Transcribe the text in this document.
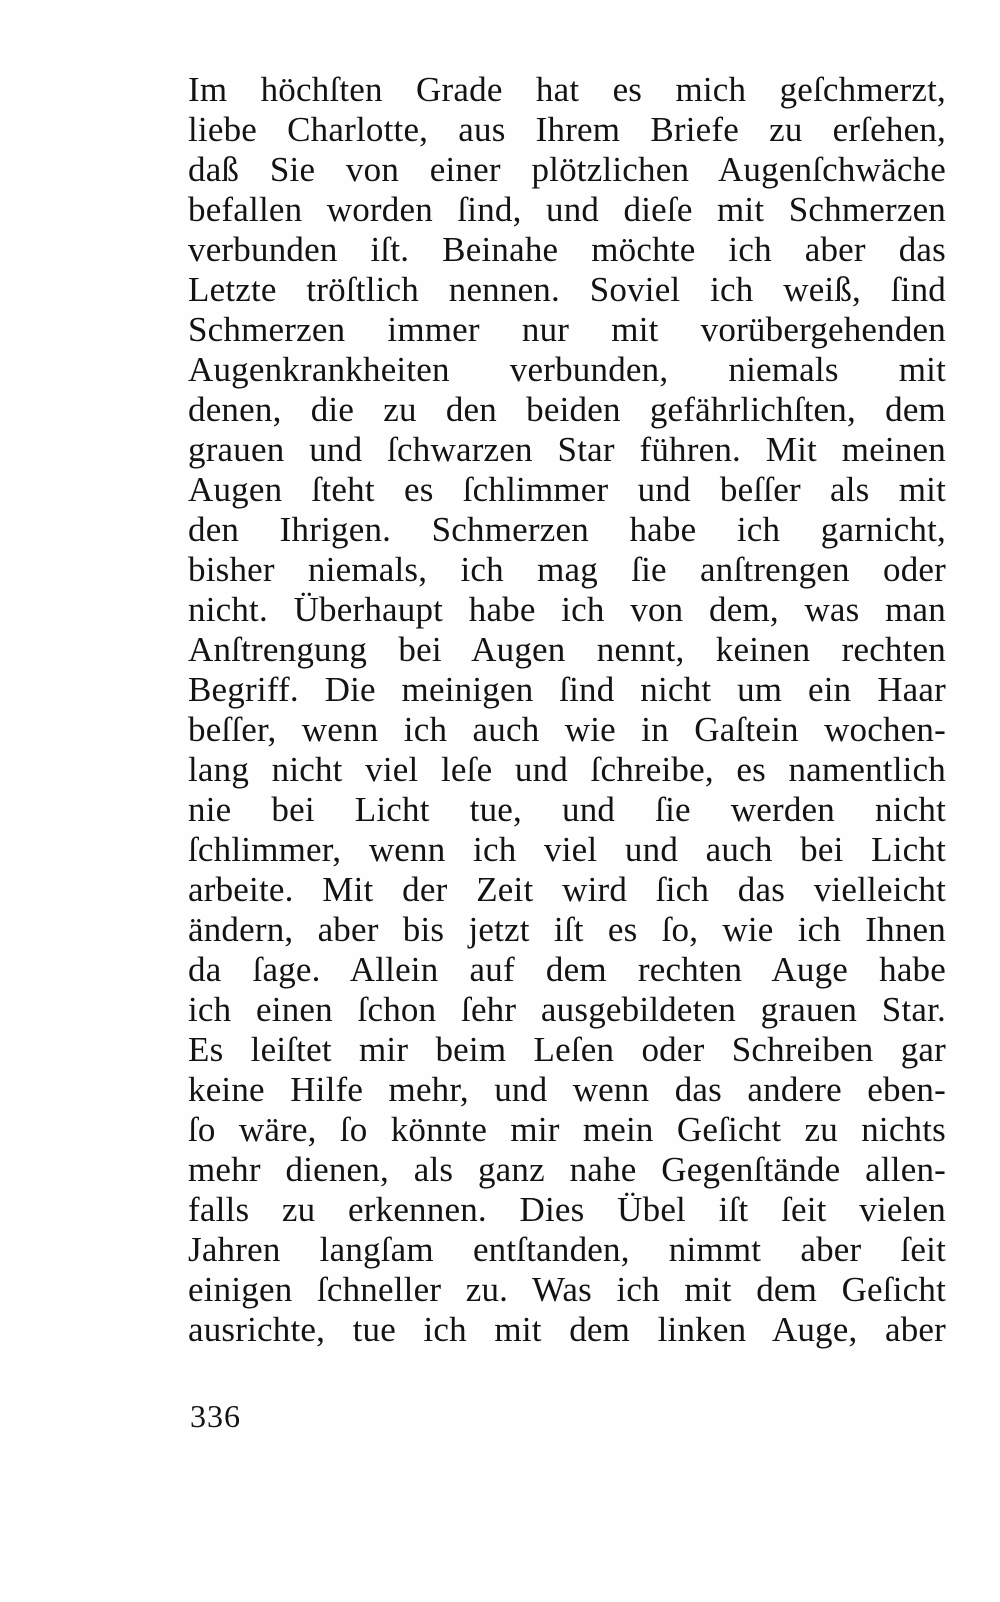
Im höchſten Grade hat es mich geſchmerzt,
liebe Charlotte, aus Ihrem Briefe zu erſehen,
daß Sie von einer plötzlichen Augenſchwäche
befallen worden ſind, und dieſe mit Schmerzen
verbunden iſt. Beinahe möchte ich aber das
Letzte tröſtlich nennen. Soviel ich weiß, ſind
Schmerzen immer nur mit vorübergehenden
Augenkrankheiten verbunden, niemals mit
denen, die zu den beiden gefährlichſten, dem
grauen und ſchwarzen Star führen. Mit meinen
Augen ſteht es ſchlimmer und beſſer als mit
den Ihrigen. Schmerzen habe ich garnicht,
bisher niemals, ich mag ſie anſtrengen oder
nicht. Überhaupt habe ich von dem, was man
Anſtrengung bei Augen nennt, keinen rechten
Begriff. Die meinigen ſind nicht um ein Haar
beſſer, wenn ich auch wie in Gaſtein wochen-
lang nicht viel leſe und ſchreibe, es namentlich
nie bei Licht tue, und ſie werden nicht
ſchlimmer, wenn ich viel und auch bei Licht
arbeite. Mit der Zeit wird ſich das vielleicht
ändern, aber bis jetzt iſt es ſo, wie ich Ihnen
da ſage. Allein auf dem rechten Auge habe
ich einen ſchon ſehr ausgebildeten grauen Star.
Es leiſtet mir beim Leſen oder Schreiben gar
keine Hilfe mehr, und wenn das andere eben-
ſo wäre, ſo könnte mir mein Geſicht zu nichts
mehr dienen, als ganz nahe Gegenſtände allen-
falls zu erkennen. Dies Übel iſt ſeit vielen
Jahren langſam entſtanden, nimmt aber ſeit
einigen ſchneller zu. Was ich mit dem Geſicht
ausrichte, tue ich mit dem linken Auge, aber
336
